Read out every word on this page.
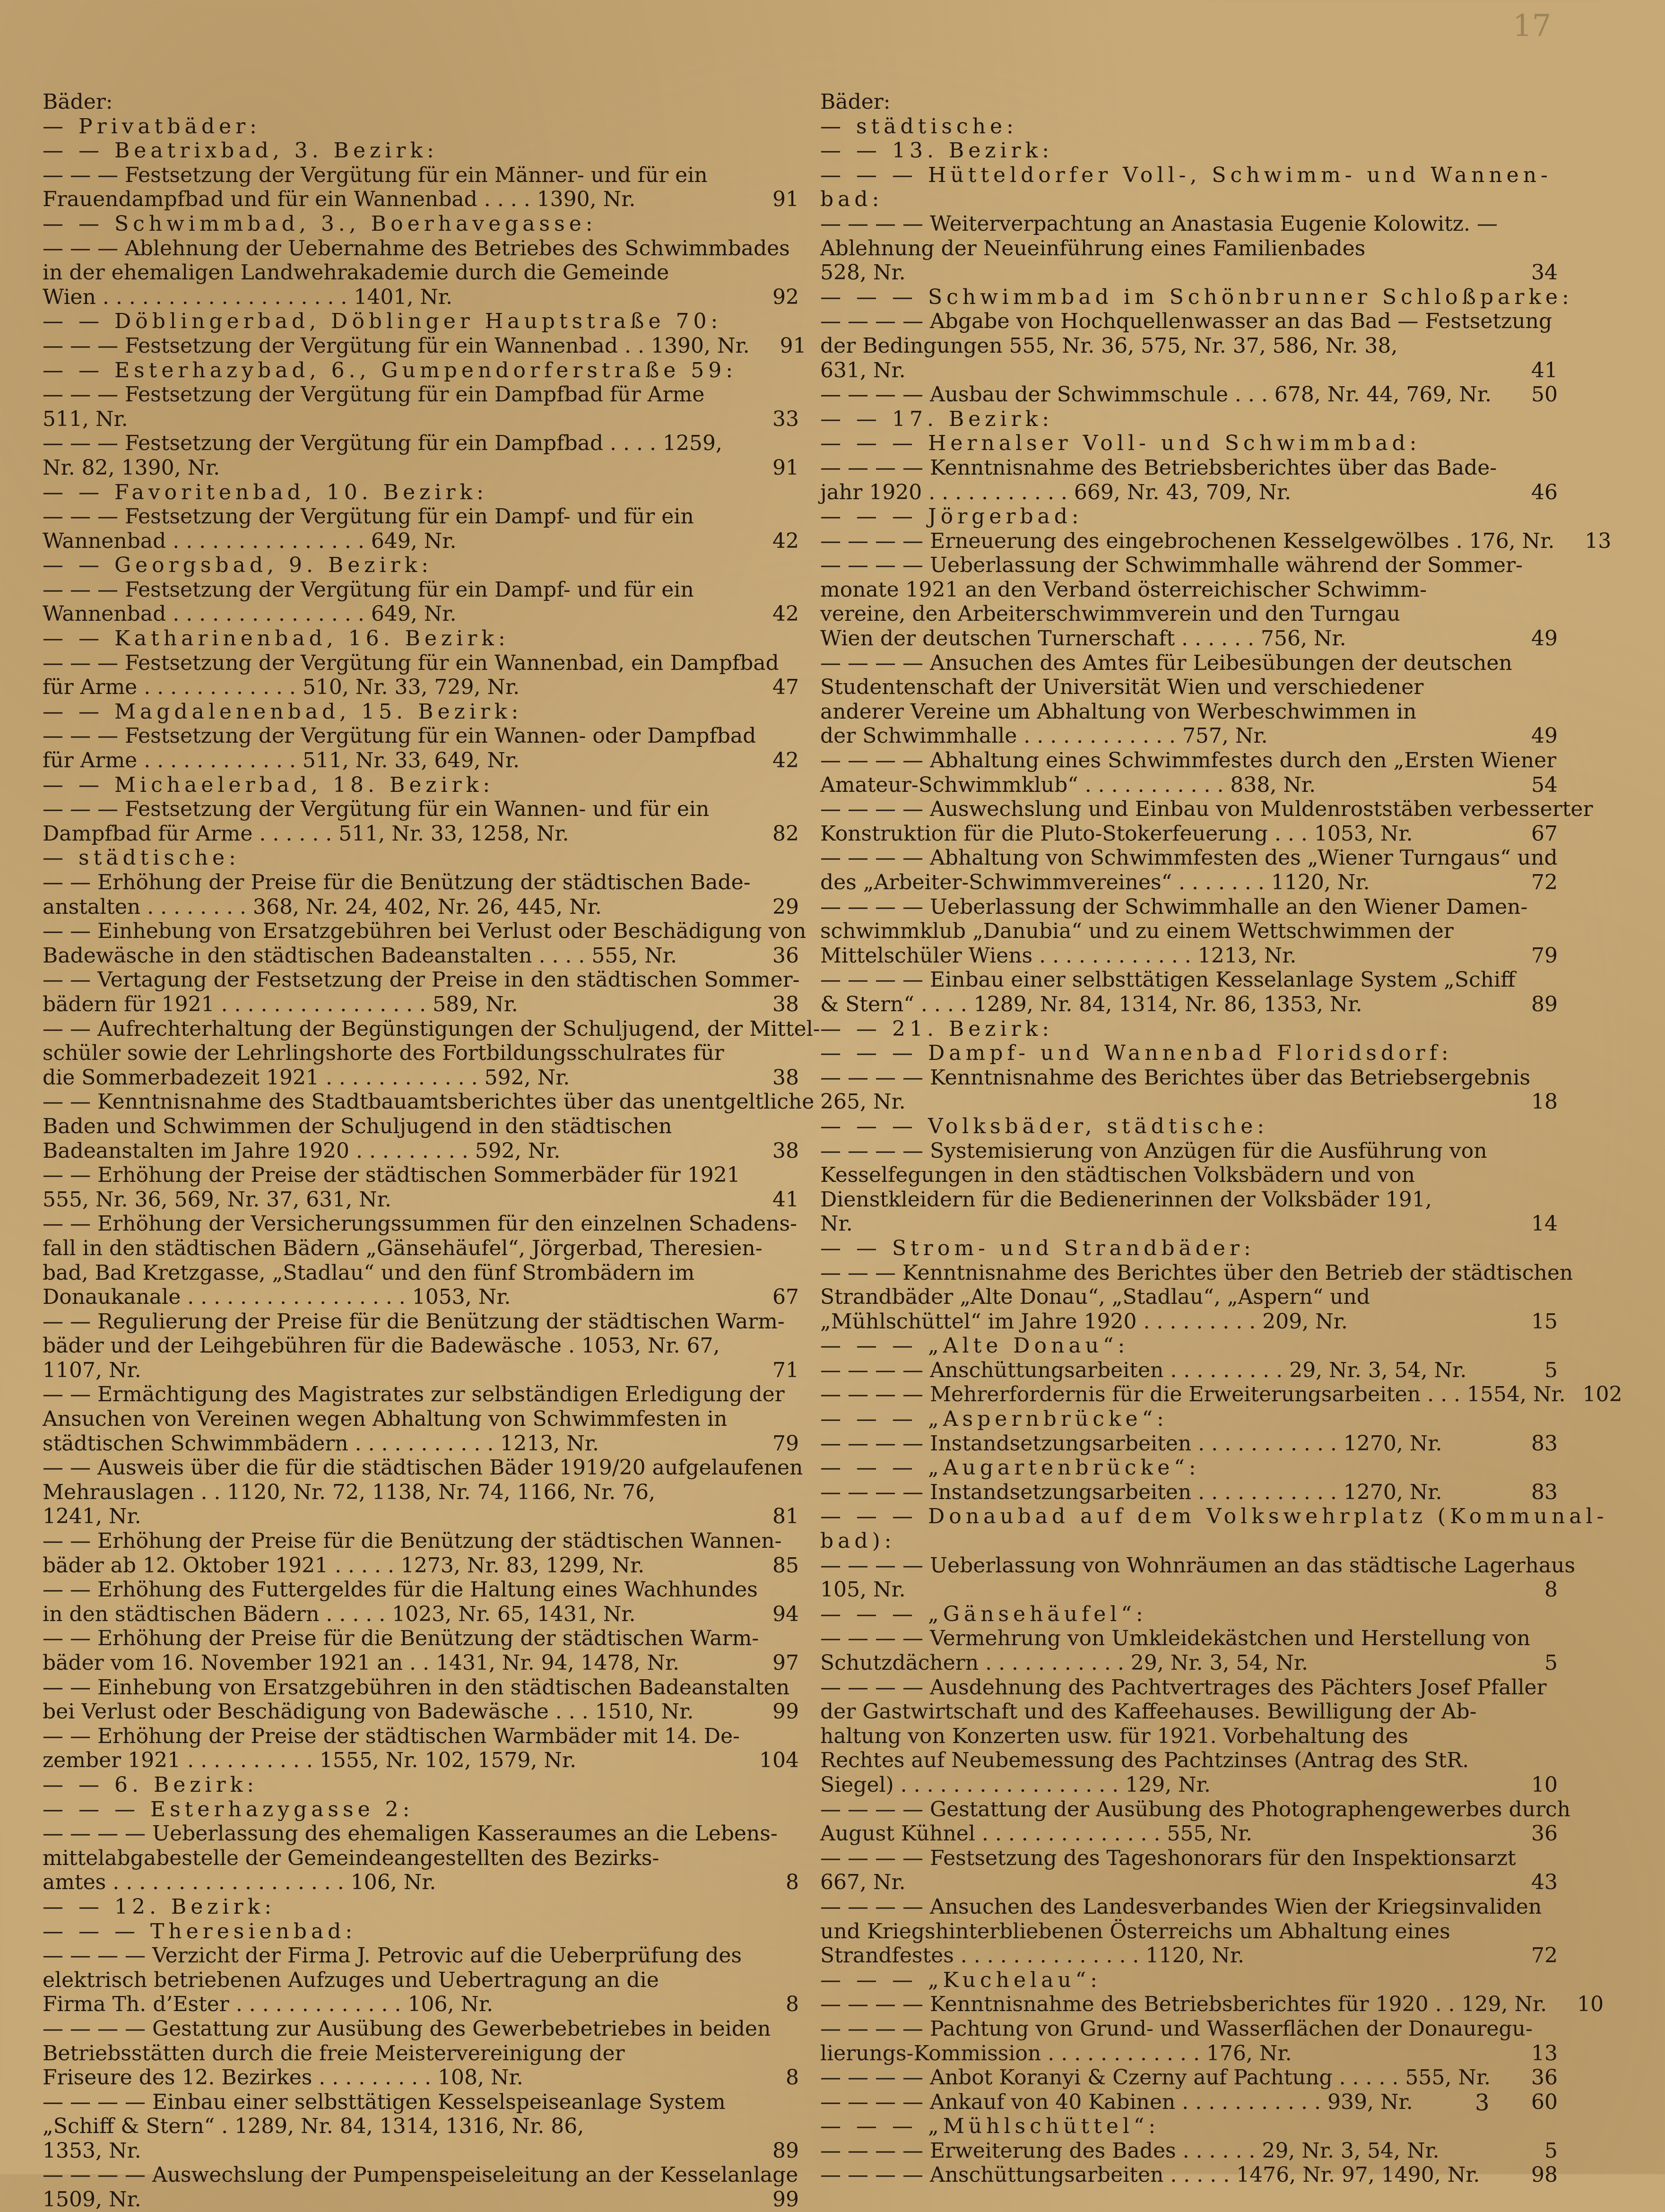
17
Bäder:
— Privatbäder:
— — Beatrixbad, 3. Bezirk:
— — — Festsetzung der Vergütung für ein Männer- und für ein
Frauendampfbad und für ein Wannenbad . . . . 1390, Nr.	91
— — Schwimmbad, 3., Boerhavegasse:
— — — Ablehnung der Uebernahme des Betriebes des Schwimmbades
in der ehemaligen Landwehrakademie durch die Gemeinde
Wien . . . . . . . . . . . . . . . . . . . 1401, Nr.	92
— — Döblingerbad, Döblinger Hauptstraße 70:
— — — Festsetzung der Vergütung für ein Wannenbad . . 1390, Nr.	91
— — Esterhazybad, 6., Gumpendorferstraße 59:
— — — Festsetzung der Vergütung für ein Dampfbad für Arme
511, Nr.	33
— — — Festsetzung der Vergütung für ein Dampfbad . . . . 1259,
Nr. 82, 1390, Nr.	91
— — Favoritenbad, 10. Bezirk:
— — — Festsetzung der Vergütung für ein Dampf- und für ein
Wannenbad . . . . . . . . . . . . . . . 649, Nr.	42
— — Georgsbad, 9. Bezirk:
— — — Festsetzung der Vergütung für ein Dampf- und für ein
Wannenbad . . . . . . . . . . . . . . . 649, Nr.	42
— — Katharinenbad, 16. Bezirk:
— — — Festsetzung der Vergütung für ein Wannenbad, ein Dampfbad
für Arme . . . . . . . . . . . . 510, Nr. 33, 729, Nr.	47
— — Magdalenenbad, 15. Bezirk:
— — — Festsetzung der Vergütung für ein Wannen- oder Dampfbad
für Arme . . . . . . . . . . . . 511, Nr. 33, 649, Nr.	42
— — Michaelerbad, 18. Bezirk:
— — — Festsetzung der Vergütung für ein Wannen- und für ein
Dampfbad für Arme . . . . . . 511, Nr. 33, 1258, Nr.	82
— städtische:
— — Erhöhung der Preise für die Benützung der städtischen Bade-
anstalten . . . . . . . . 368, Nr. 24, 402, Nr. 26, 445, Nr.	29
— — Einhebung von Ersatzgebühren bei Verlust oder Beschädigung von
Badewäsche in den städtischen Badeanstalten . . . . 555, Nr.	36
— — Vertagung der Festsetzung der Preise in den städtischen Sommer-
bädern für 1921 . . . . . . . . . . . . . . . . 589, Nr.	38
— — Aufrechterhaltung der Begünstigungen der Schuljugend, der Mittel-
schüler sowie der Lehrlingshorte des Fortbildungsschulrates für
die Sommerbadezeit 1921 . . . . . . . . . . . . 592, Nr.	38
— — Kenntnisnahme des Stadtbauamtsberichtes über das unentgeltliche
Baden und Schwimmen der Schuljugend in den städtischen
Badeanstalten im Jahre 1920 . . . . . . . . . 592, Nr.	38
— — Erhöhung der Preise der städtischen Sommerbäder für 1921
555, Nr. 36, 569, Nr. 37, 631, Nr.	41
— — Erhöhung der Versicherungssummen für den einzelnen Schadens-
fall in den städtischen Bädern „Gänsehäufel“, Jörgerbad, Theresien-
bad, Bad Kretzgasse, „Stadlau“ und den fünf Strombädern im
Donaukanale . . . . . . . . . . . . . . . . . 1053, Nr.	67
— — Regulierung der Preise für die Benützung der städtischen Warm-
bäder und der Leihgebühren für die Badewäsche . 1053, Nr. 67,
1107, Nr.	71
— — Ermächtigung des Magistrates zur selbständigen Erledigung der
Ansuchen von Vereinen wegen Abhaltung von Schwimmfesten in
städtischen Schwimmbädern . . . . . . . . . . . 1213, Nr.	79
— — Ausweis über die für die städtischen Bäder 1919/20 aufgelaufenen
Mehrauslagen . . 1120, Nr. 72, 1138, Nr. 74, 1166, Nr. 76,
1241, Nr.	81
— — Erhöhung der Preise für die Benützung der städtischen Wannen-
bäder ab 12. Oktober 1921 . . . . . 1273, Nr. 83, 1299, Nr.	85
— — Erhöhung des Futtergeldes für die Haltung eines Wachhundes
in den städtischen Bädern . . . . . 1023, Nr. 65, 1431, Nr.	94
— — Erhöhung der Preise für die Benützung der städtischen Warm-
bäder vom 16. November 1921 an . . 1431, Nr. 94, 1478, Nr.	97
— — Einhebung von Ersatzgebühren in den städtischen Badeanstalten
bei Verlust oder Beschädigung von Badewäsche . . . 1510, Nr.	99
— — Erhöhung der Preise der städtischen Warmbäder mit 14. De-
zember 1921 . . . . . . . . . . 1555, Nr. 102, 1579, Nr.	104
— — 6. Bezirk:
— — — Esterhazygasse 2:
— — — — Ueberlassung des ehemaligen Kasseraumes an die Lebens-
mittelabgabestelle der Gemeindeangestellten des Bezirks-
amtes . . . . . . . . . . . . . . . . . . 106, Nr.	8
— — 12. Bezirk:
— — — Theresienbad:
— — — — Verzicht der Firma J. Petrovic auf die Ueberprüfung des
elektrisch betriebenen Aufzuges und Uebertragung an die
Firma Th. d’Ester . . . . . . . . . . . . . 106, Nr.	8
— — — — Gestattung zur Ausübung des Gewerbebetriebes in beiden
Betriebsstätten durch die freie Meistervereinigung der
Friseure des 12. Bezirkes . . . . . . . . . 108, Nr.	8
— — — — Einbau einer selbsttätigen Kesselspeiseanlage System
„Schiff & Stern“ . 1289, Nr. 84, 1314, 1316, Nr. 86,
1353, Nr.	89
— — — — Auswechslung der Pumpenspeiseleitung an der Kesselanlage
1509, Nr.	99
Bäder:
— städtische:
— — 13. Bezirk:
— — — Hütteldorfer Voll-, Schwimm- und Wannen-
bad:
— — — — Weiterverpachtung an Anastasia Eugenie Kolowitz. —
Ablehnung der Neueinführung eines Familienbades
528, Nr.	34
— — — Schwimmbad im Schönbrunner Schloßparke:
— — — — Abgabe von Hochquellenwasser an das Bad — Festsetzung
der Bedingungen 555, Nr. 36, 575, Nr. 37, 586, Nr. 38,
631, Nr.	41
— — — — Ausbau der Schwimmschule . . . 678, Nr. 44, 769, Nr.	50
— — 17. Bezirk:
— — — Hernalser Voll- und Schwimmbad:
— — — — Kenntnisnahme des Betriebsberichtes über das Bade-
jahr 1920 . . . . . . . . . . . 669, Nr. 43, 709, Nr.	46
— — — Jörgerbad:
— — — — Erneuerung des eingebrochenen Kesselgewölbes . 176, Nr.	13
— — — — Ueberlassung der Schwimmhalle während der Sommer-
monate 1921 an den Verband österreichischer Schwimm-
vereine, den Arbeiterschwimmverein und den Turngau
Wien der deutschen Turnerschaft . . . . . . 756, Nr.	49
— — — — Ansuchen des Amtes für Leibesübungen der deutschen
Studentenschaft der Universität Wien und verschiedener
anderer Vereine um Abhaltung von Werbeschwimmen in
der Schwimmhalle . . . . . . . . . . . . 757, Nr.	49
— — — — Abhaltung eines Schwimmfestes durch den „Ersten Wiener
Amateur-Schwimmklub“ . . . . . . . . . . . 838, Nr.	54
— — — — Auswechslung und Einbau von Muldenroststäben verbesserter
Konstruktion für die Pluto-Stokerfeuerung . . . 1053, Nr.	67
— — — — Abhaltung von Schwimmfesten des „Wiener Turngaus“ und
des „Arbeiter-Schwimmvereines“ . . . . . . . 1120, Nr.	72
— — — — Ueberlassung der Schwimmhalle an den Wiener Damen-
schwimmklub „Danubia“ und zu einem Wettschwimmen der
Mittelschüler Wiens . . . . . . . . . . . . 1213, Nr.	79
— — — — Einbau einer selbsttätigen Kesselanlage System „Schiff
& Stern“ . . . . 1289, Nr. 84, 1314, Nr. 86, 1353, Nr.	89
— — 21. Bezirk:
— — — Dampf- und Wannenbad Floridsdorf:
— — — — Kenntnisnahme des Berichtes über das Betriebsergebnis
265, Nr.	18
— — — Volksbäder, städtische:
— — — — Systemisierung von Anzügen für die Ausführung von
Kesselfegungen in den städtischen Volksbädern und von
Dienstkleidern für die Bedienerinnen der Volksbäder 191,
Nr.	14
— — Strom- und Strandbäder:
— — — Kenntnisnahme des Berichtes über den Betrieb der städtischen
Strandbäder „Alte Donau“, „Stadlau“, „Aspern“ und
„Mühlschüttel“ im Jahre 1920 . . . . . . . . . 209, Nr.	15
— — — „Alte Donau“:
— — — — Anschüttungsarbeiten . . . . . . . . . 29, Nr. 3, 54, Nr.	5
— — — — Mehrerfordernis für die Erweiterungsarbeiten . . . 1554, Nr. 102
— — — „Aspernbrücke“:
— — — — Instandsetzungsarbeiten . . . . . . . . . . . 1270, Nr.	83
— — — „Augartenbrücke“:
— — — — Instandsetzungsarbeiten . . . . . . . . . . . 1270, Nr.	83
— — — Donaubad auf dem Volkswehrplatz (Kommunal-
bad):
— — — — Ueberlassung von Wohnräumen an das städtische Lagerhaus
105, Nr.	8
— — — „Gänsehäufel“:
— — — — Vermehrung von Umkleidekästchen und Herstellung von
Schutzdächern . . . . . . . . . . . 29, Nr. 3, 54, Nr.	5
— — — — Ausdehnung des Pachtvertrages des Pächters Josef Pfaller
der Gastwirtschaft und des Kaffeehauses. Bewilligung der Ab-
haltung von Konzerten usw. für 1921. Vorbehaltung des
Rechtes auf Neubemessung des Pachtzinses (Antrag des StR.
Siegel) . . . . . . . . . . . . . . . . . 129, Nr.	10
— — — — Gestattung der Ausübung des Photographengewerbes durch
August Kühnel . . . . . . . . . . . . . . 555, Nr.	36
— — — — Festsetzung des Tageshonorars für den Inspektionsarzt
667, Nr.	43
— — — — Ansuchen des Landesverbandes Wien der Kriegsinvaliden
und Kriegshinterbliebenen Österreichs um Abhaltung eines
Strandfestes . . . . . . . . . . . . . . 1120, Nr.	72
— — — „Kuchelau“:
— — — — Kenntnisnahme des Betriebsberichtes für 1920 . . 129, Nr.	10
— — — — Pachtung von Grund- und Wasserflächen der Donauregu-
lierungs-Kommission . . . . . . . . . . . . 176, Nr.	13
— — — — Anbot Koranyi & Czerny auf Pachtung . . . . . 555, Nr.	36
— — — — Ankauf von 40 Kabinen . . . . . . . . . . . 939, Nr.	60
— — — „Mühlschüttel“:
— — — — Erweiterung des Bades . . . . . . 29, Nr. 3, 54, Nr.	5
— — — — Anschüttungsarbeiten . . . . . 1476, Nr. 97, 1490, Nr.	98
3
